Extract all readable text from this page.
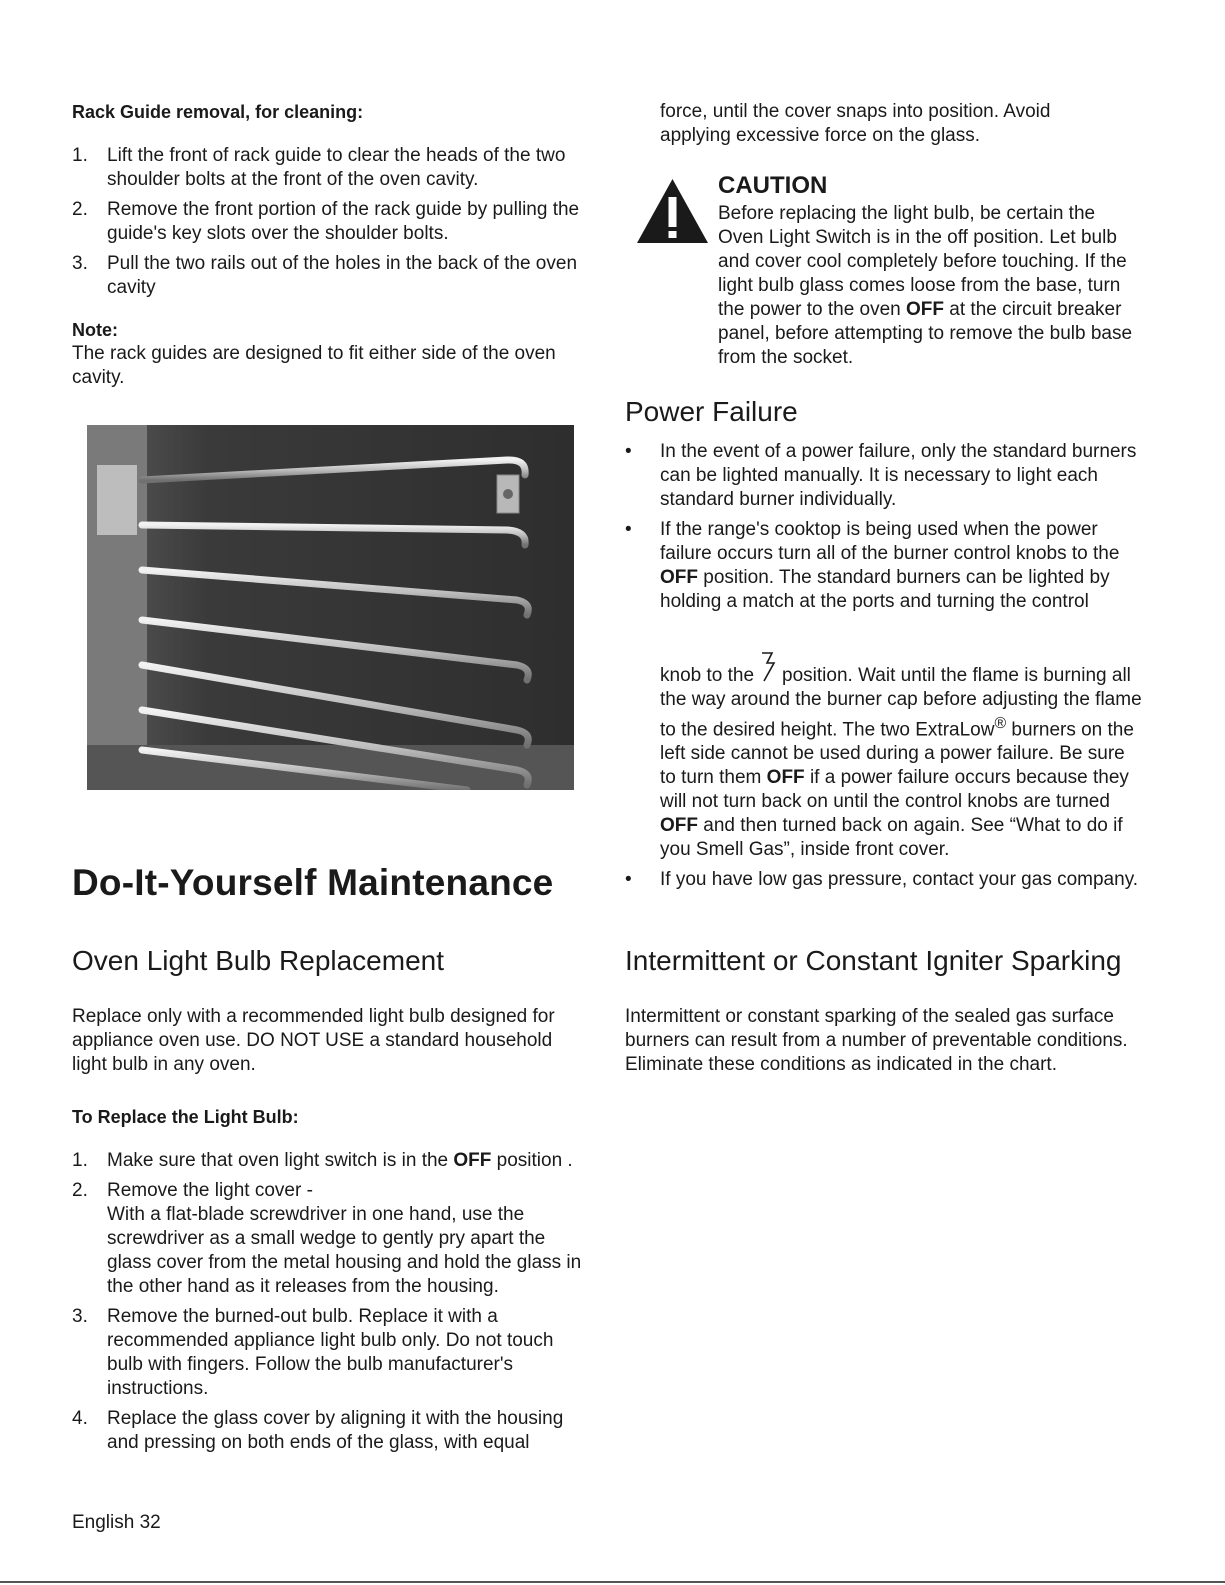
Rack Guide removal, for cleaning:

1. Lift the front of rack guide to clear the heads of the two shoulder bolts at the front of the oven cavity.
2. Remove the front portion of the rack guide by pulling the guide's key slots over the shoulder bolts.
3. Pull the two rails out of the holes in the back of the oven cavity

Note:

The rack guides are designed to fit either side of the oven cavity.

Do-It-Yourself Maintenance

Oven Light Bulb Replacement

Replace only with a recommended light bulb designed for appliance oven use. DO NOT USE a standard household light bulb in any oven.

To Replace the Light Bulb:

1. Make sure that oven light switch is in the OFF position .
2. Remove the light cover -
With a flat-blade screwdriver in one hand, use the screwdriver as a small wedge to gently pry apart the glass cover from the metal housing and hold the glass in the other hand as it releases from the housing.
3. Remove the burned-out bulb. Replace it with a recommended appliance light bulb only. Do not touch bulb with fingers. Follow the bulb manufacturer's instructions.
4. Replace the glass cover by aligning it with the housing and pressing on both ends of the glass, with equal
English 32

force, until the cover snaps into position. Avoid applying excessive force on the glass.

CAUTION

Before replacing the light bulb, be certain the Oven Light Switch is in the off position. Let bulb and cover cool completely before touching. If the light bulb glass comes loose from the base, turn the power to the oven OFF at the circuit breaker panel, before attempting to remove the bulb base from the socket.

Power Failure

• In the event of a power failure, only the standard burners can be lighted manually. It is necessary to light each standard burner individually.
• If the range's cooktop is being used when the power failure occurs turn all of the burner control knobs to the OFF position. The standard burners can be lighted by holding a match at the ports and turning the control

knob to the position. Wait until the flame is burning all the way around the burner cap before adjusting the flame to the desired height. The two ExtraLow® burners on the left side cannot be used during a power failure. Be sure to turn them OFF if a power failure occurs because they will not turn back on until the control knobs are turned OFF and then turned back on again. See “What to do if you Smell Gas”, inside front cover.
• If you have low gas pressure, contact your gas company.

Intermittent or Constant Igniter Sparking

Intermittent or constant sparking of the sealed gas surface burners can result from a number of preventable conditions. Eliminate these conditions as indicated in the chart.
